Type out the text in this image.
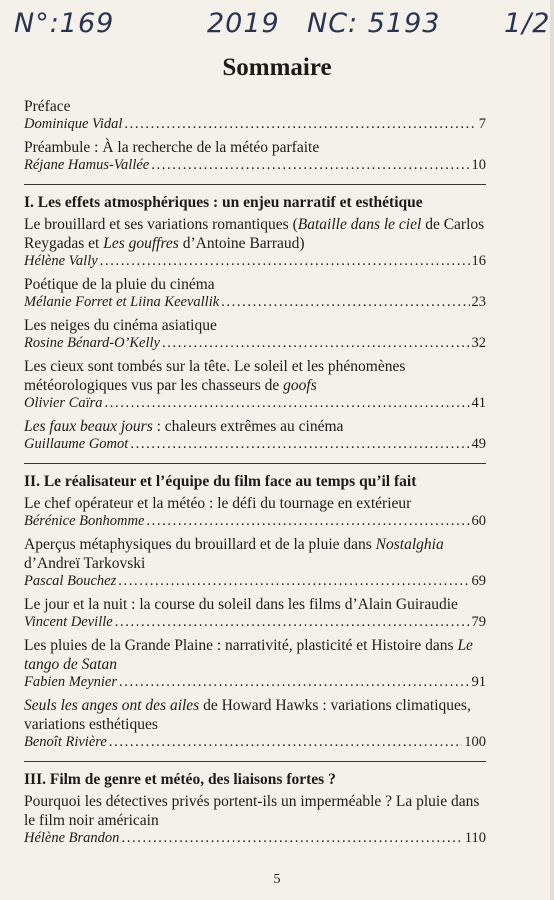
N°:169	2019 NC: 5193 1/2
Sommaire
Préface
Dominique Vidal . . .	7
Préambule : À la recherche de la météo parfaite
Réjane Hamus-Vallée . . .	10
I. Les effets atmosphériques : un enjeu narratif et esthétique
Le brouillard et ses variations romantiques (Bataille dans le ciel de Carlos Reygadas et Les gouffres d’Antoine Barraud)
Hélène Vally . . .	16
Poétique de la pluie du cinéma
Mélanie Forret et Liina Keevallik . . .	23
Les neiges du cinéma asiatique
Rosine Bénard-O’Kelly . . .	32
Les cieux sont tombés sur la tête. Le soleil et les phénomènes météorologiques vus par les chasseurs de goofs
Olivier Caïra . . .	41
Les faux beaux jours : chaleurs extrêmes au cinéma
Guillaume Gomot . . .	49
II. Le réalisateur et l’équipe du film face au temps qu’il fait
Le chef opérateur et la météo : le défi du tournage en extérieur
Bérénice Bonhomme . . .	60
Aperçus métaphysiques du brouillard et de la pluie dans Nostalghia d’Andreï Tarkovski
Pascal Bouchez . . .	69
Le jour et la nuit : la course du soleil dans les films d’Alain Guiraudie
Vincent Deville . . .	79
Les pluies de la Grande Plaine : narrativité, plasticité et Histoire dans Le tango de Satan
Fabien Meynier . . .	91
Seuls les anges ont des ailes de Howard Hawks : variations climatiques, variations esthétiques
Benoît Rivière . . .	100
III. Film de genre et météo, des liaisons fortes ?
Pourquoi les détectives privés portent-ils un imperméable ? La pluie dans le film noir américain
Hélène Brandon . . .	110
5
